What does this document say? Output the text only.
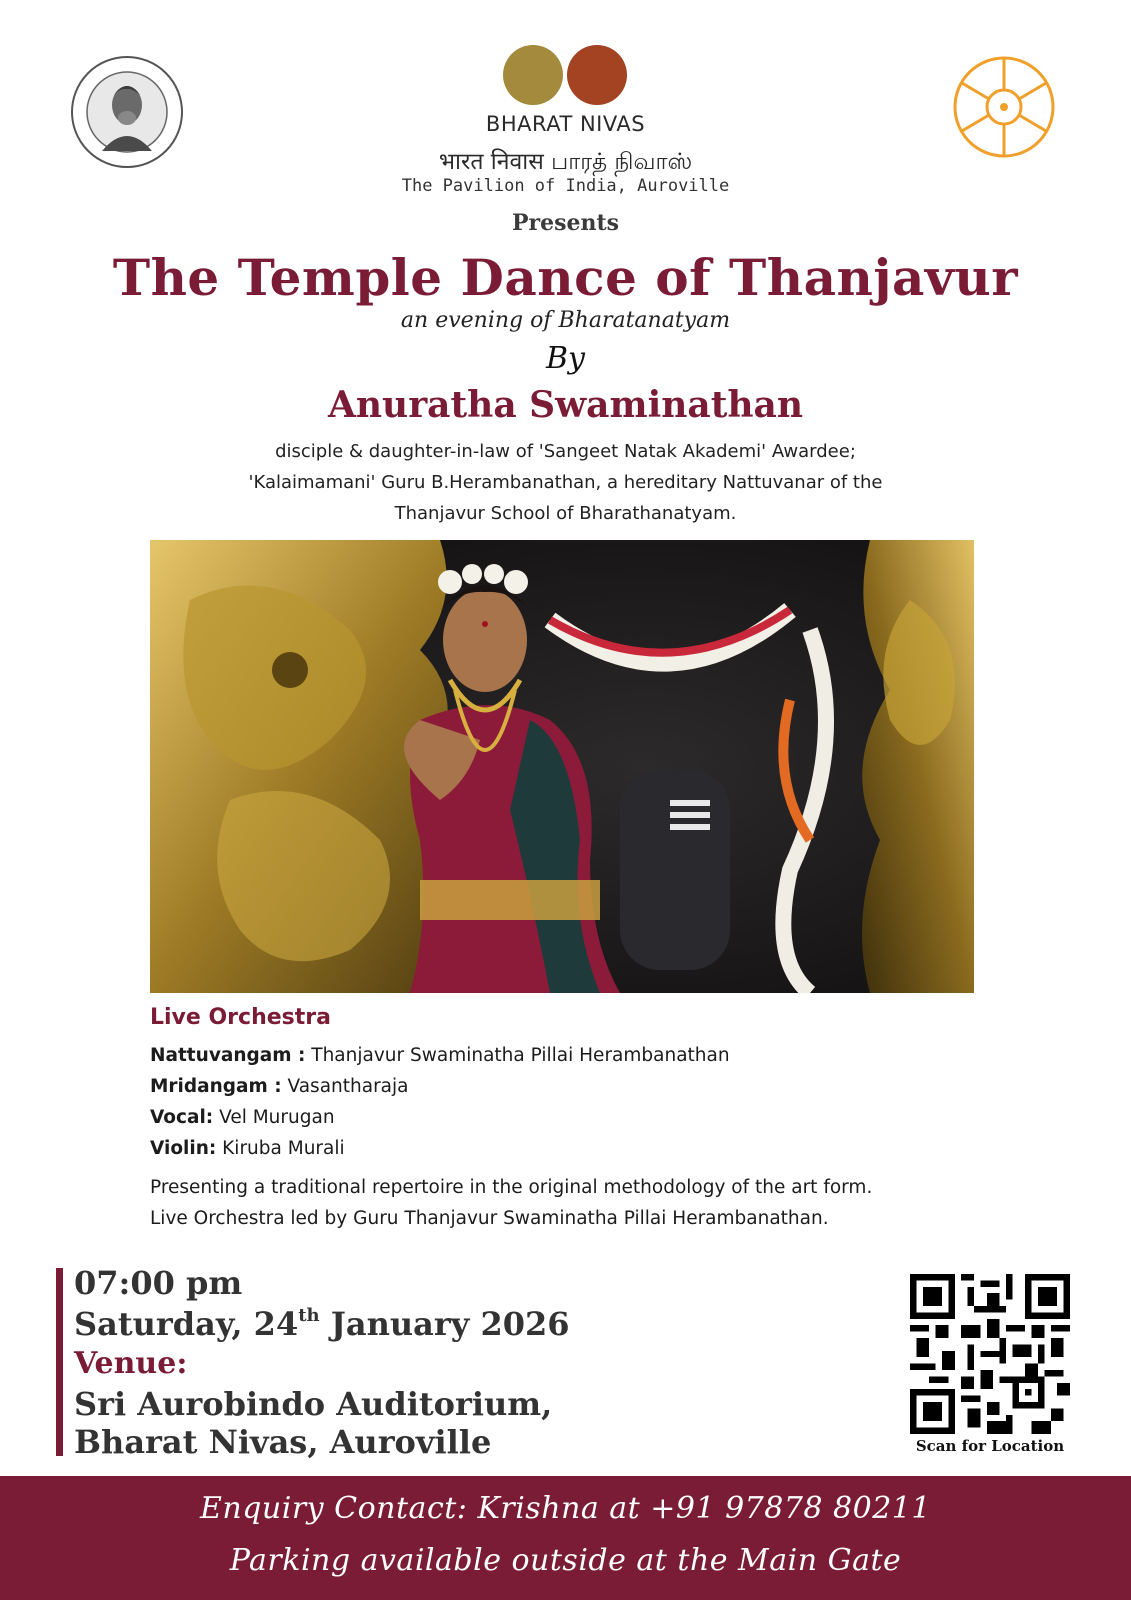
BHARAT NIVAS
भारत निवास பாரத் நிவாஸ்
The Pavilion of India, Auroville
Presents
The Temple Dance of Thanjavur
an evening of Bharatanatyam
By
Anuratha Swaminathan
disciple & daughter-in-law of 'Sangeet Natak Akademi' Awardee;
'Kalaimamani' Guru B.Herambanathan, a hereditary Nattuvanar of the
Thanjavur School of Bharathanatyam.
Live Orchestra
Nattuvangam : Thanjavur Swaminatha Pillai Herambanathan
Mridangam : Vasantharaja
Vocal: Vel Murugan
Violin: Kiruba Murali
Presenting a traditional repertoire in the original methodology of the art form.
Live Orchestra led by Guru Thanjavur Swaminatha Pillai Herambanathan.
07:00 pm
Saturday, 24th January 2026
Venue:
Sri Aurobindo Auditorium,
Bharat Nivas, Auroville	Scan for Location
Enquiry Contact: Krishna at +91 97878 80211
Parking available outside at the Main Gate
